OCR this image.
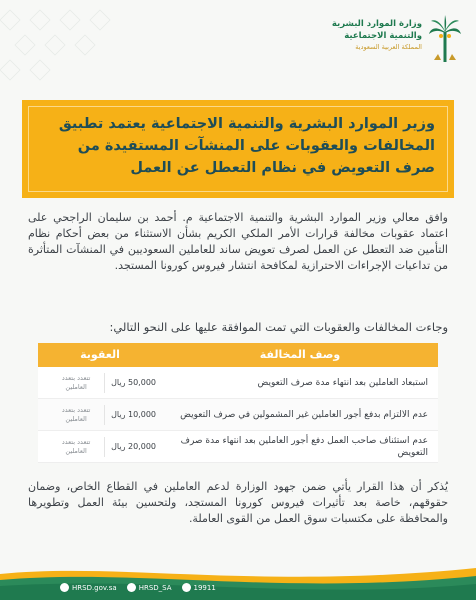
وزارة الموارد البشرية
والتنمية الاجتماعية
المملكة العربية السعودية
وزير الموارد البشرية والتنمية الاجتماعية يعتمد تطبيق المخالفات والعقوبات على المنشآت المستفيدة من صرف التعويض في نظام التعطل عن العمل

وافق معالي وزير الموارد البشرية والتنمية الاجتماعية م. أحمد بن سليمان الراجحي على اعتماد عقوبات مخالفة قرارات الأمر الملكي الكريم بشأن الاستثناء من بعض أحكام نظام التأمين ضد التعطل عن العمل لصرف تعويض ساند للعاملين السعوديين في المنشآت المتأثرة من تداعيات الإجراءات الاحترازية لمكافحة انتشار فيروس كورونا المستجد.

وجاءت المخالفات والعقوبات التي تمت الموافقة عليها على النحو التالي:
وصف المخالفة
العقوبة
استبعاد العاملين بعد انتهاء مدة صرف التعويض
50,000 ريال
تتعدد بتعدد العاملين
عدم الالتزام بدفع أجور العاملين غير المشمولين في صرف التعويض
10,000 ريال
تتعدد بتعدد العاملين
عدم استئناف صاحب العمل دفع أجور العاملين بعد انتهاء مدة صرف التعويض
20,000 ريال
تتعدد بتعدد العاملين

يُذكر أن هذا القرار يأتي ضمن جهود الوزارة لدعم العاملين في القطاع الخاص، وضمان حقوقهم، خاصة بعد تأثيرات فيروس كورونا المستجد، ولتحسين بيئة العمل وتطويرها والمحافظة على مكتسبات سوق العمل من القوى العاملة.

HRSD.gov.sa	HRSD_SA	19911
